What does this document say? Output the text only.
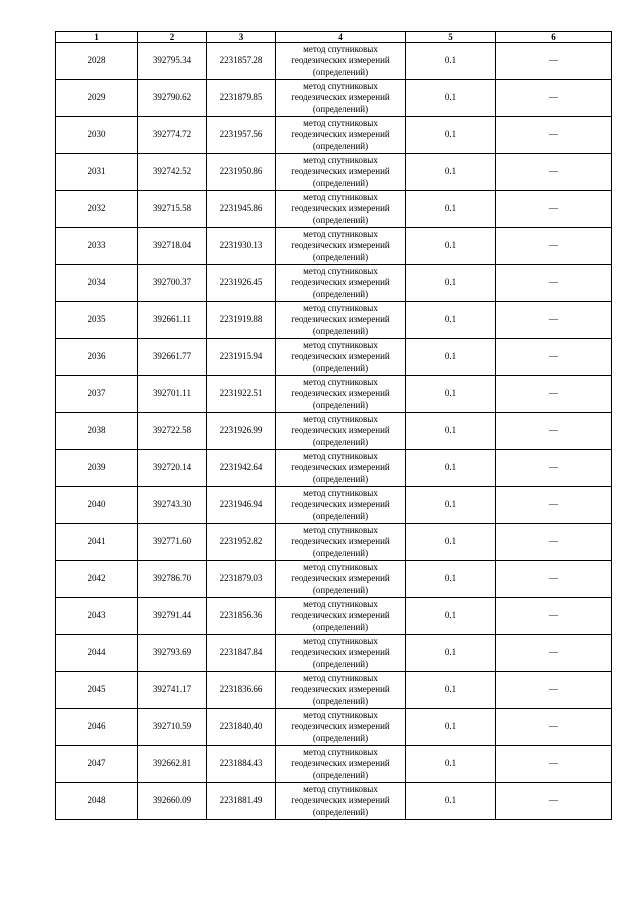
1	2	3	4	5	6
2028	392795.34	2231857.28	метод спутниковых
геодезических измерений
(определений)	0.1	—
2029	392790.62	2231879.85	метод спутниковых
геодезических измерений
(определений)	0.1	—
2030	392774.72	2231957.56	метод спутниковых
геодезических измерений
(определений)	0.1	—
2031	392742.52	2231950.86	метод спутниковых
геодезических измерений
(определений)	0.1	—
2032	392715.58	2231945.86	метод спутниковых
геодезических измерений
(определений)	0.1	—
2033	392718.04	2231930.13	метод спутниковых
геодезических измерений
(определений)	0.1	—
2034	392700.37	2231926.45	метод спутниковых
геодезических измерений
(определений)	0.1	—
2035	392661.11	2231919.88	метод спутниковых
геодезических измерений
(определений)	0.1	—
2036	392661.77	2231915.94	метод спутниковых
геодезических измерений
(определений)	0.1	—
2037	392701.11	2231922.51	метод спутниковых
геодезических измерений
(определений)	0.1	—
2038	392722.58	2231926.99	метод спутниковых
геодезических измерений
(определений)	0.1	—
2039	392720.14	2231942.64	метод спутниковых
геодезических измерений
(определений)	0.1	—
2040	392743.30	2231946.94	метод спутниковых
геодезических измерений
(определений)	0.1	—
2041	392771.60	2231952.82	метод спутниковых
геодезических измерений
(определений)	0.1	—
2042	392786.70	2231879.03	метод спутниковых
геодезических измерений
(определений)	0.1	—
2043	392791.44	2231856.36	метод спутниковых
геодезических измерений
(определений)	0.1	—
2044	392793.69	2231847.84	метод спутниковых
геодезических измерений
(определений)	0.1	—
2045	392741.17	2231836.66	метод спутниковых
геодезических измерений
(определений)	0.1	—
2046	392710.59	2231840.40	метод спутниковых
геодезических измерений
(определений)	0.1	—
2047	392662.81	2231884.43	метод спутниковых
геодезических измерений
(определений)	0.1	—
2048	392660.09	2231881.49	метод спутниковых
геодезических измерений
(определений)	0.1	—
